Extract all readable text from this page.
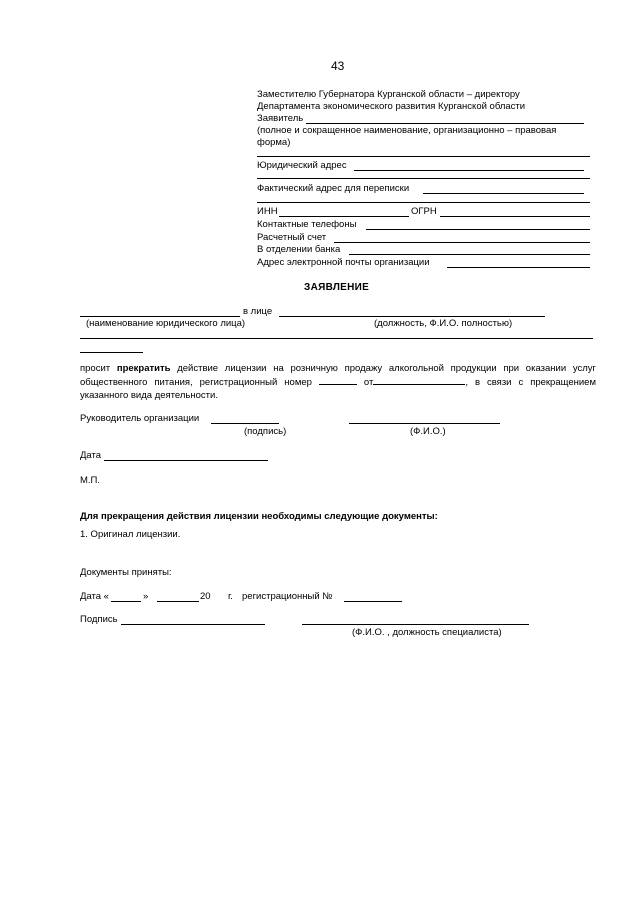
43
Заместителю Губернатора Курганской области – директору
Департамента экономического развития Курганской области
Заявитель
(полное и сокращенное наименование, организационно – правовая
форма)
Юридический адрес
Фактический адрес для переписки
ИНН	ОГРН
Контактные телефоны
Расчетный счет
В отделении банка
Адрес электронной почты организации
ЗАЯВЛЕНИЕ
в лице
(наименование юридического лица)	(должность, Ф.И.О. полностью)
просит прекратить действие лицензии на розничную продажу алкогольной продукции при оказании услуг общественного питания, регистрационный номер	от	, в связи с прекращением указанного вида деятельности.
Руководитель организации
(подпись)	(Ф.И.О.)
Дата
М.П.
Для прекращения действия лицензии необходимы следующие документы:
1. Оригинал лицензии.
Документы приняты:
Дата «	»	20 г. регистрационный №
Подпись
(Ф.И.О. , должность специалиста)
